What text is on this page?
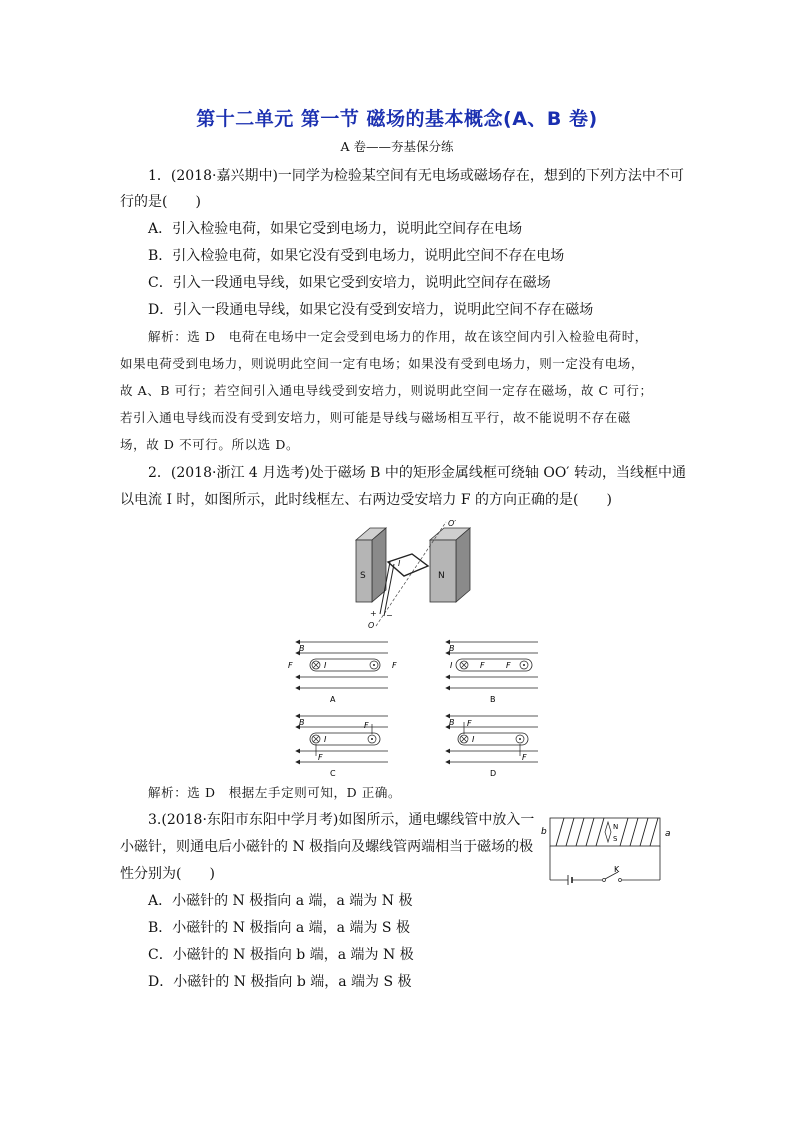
第十二单元 第一节 磁场的基本概念(A、B 卷)
A 卷——夯基保分练
1．(2018·嘉兴期中)一同学为检验某空间有无电场或磁场存在，想到的下列方法中不可
行的是(　　)
A．引入检验电荷，如果它受到电场力，说明此空间存在电场
B．引入检验电荷，如果它没有受到电场力，说明此空间不存在电场
C．引入一段通电导线，如果它受到安培力，说明此空间存在磁场
D．引入一段通电导线，如果它没有受到安培力，说明此空间不存在磁场
解析：选 D　电荷在电场中一定会受到电场力的作用，故在该空间内引入检验电荷时，
如果电荷受到电场力，则说明此空间一定有电场；如果没有受到电场力，则一定没有电场，
故 A、B 可行；若空间引入通电导线受到安培力，则说明此空间一定存在磁场，故 C 可行；
若引入通电导线而没有受到安培力，则可能是导线与磁场相互平行，故不能说明不存在磁
场，故 D 不可行。所以选 D。
2．(2018·浙江 4 月选考)处于磁场 B 中的矩形金属线框可绕轴 OO′ 转动，当线框中通
以电流 I 时，如图所示，此时线框左、右两边受安培力 F 的方向正确的是(　　)
S	N
O′
O
I
+ −
B
I
F	F
A
B
I	F	F
B
B
I
F
F
C
B
I
F
F
D
解析：选 D　根据左手定则可知，D 正确。
3.(2018·东阳市东阳中学月考)如图所示，通电螺线管中放入一
小磁针，则通电后小磁针的 N 极指向及螺线管两端相当于磁场的极
性分别为(　　)
A．小磁针的 N 极指向 a 端，a 端为 N 极
B．小磁针的 N 极指向 a 端，a 端为 S 极
C．小磁针的 N 极指向 b 端，a 端为 N 极
D．小磁针的 N 极指向 b 端，a 端为 S 极
b	a
N
S
K
